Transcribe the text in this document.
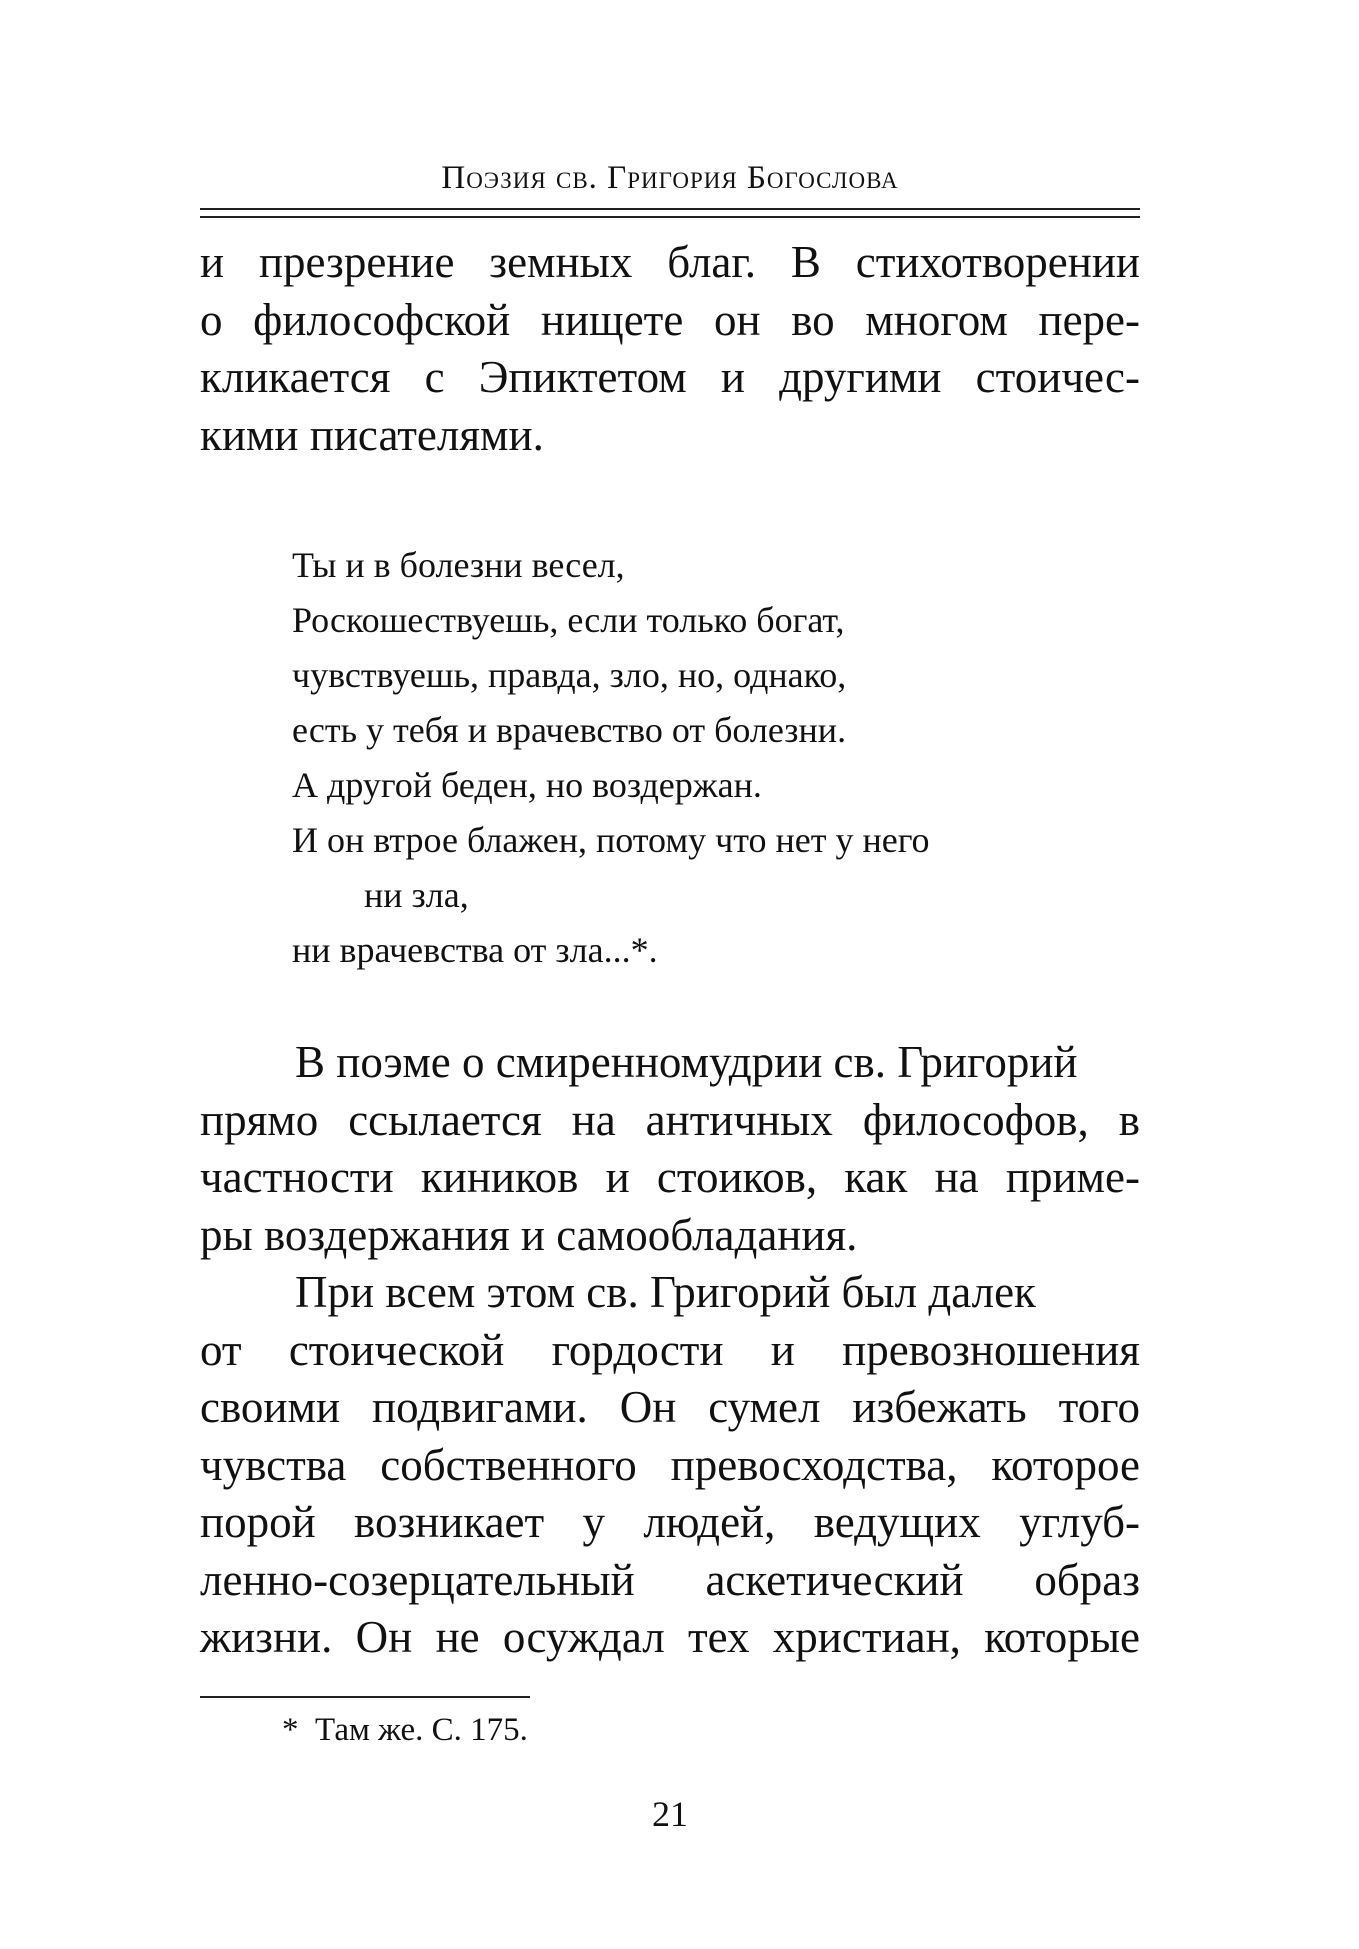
Поэзия св. Григория Богослова
и презрение земных благ. В стихотворении
о философской нищете он во многом пере-
кликается с Эпиктетом и другими стоичес-
кими писателями.
Ты и в болезни весел,
Роскошествуешь, если только богат,
чувствуешь, правда, зло, но, однако,
есть у тебя и врачевство от болезни.
А другой беден, но воздержан.
И он втрое блажен, потому что нет у него
ни зла,
ни врачевства от зла...*.
В поэме о смиренномудрии св. Григорий
прямо ссылается на античных философов, в
частности киников и стоиков, как на приме-
ры воздержания и самообладания.
При всем этом св. Григорий был далек
от стоической гордости и превозношения
своими подвигами. Он сумел избежать того
чувства собственного превосходства, которое
порой возникает у людей, ведущих углуб-
ленно-созерцательный аскетический образ
жизни. Он не осуждал тех христиан, которые
* Там же. С. 175.
21
